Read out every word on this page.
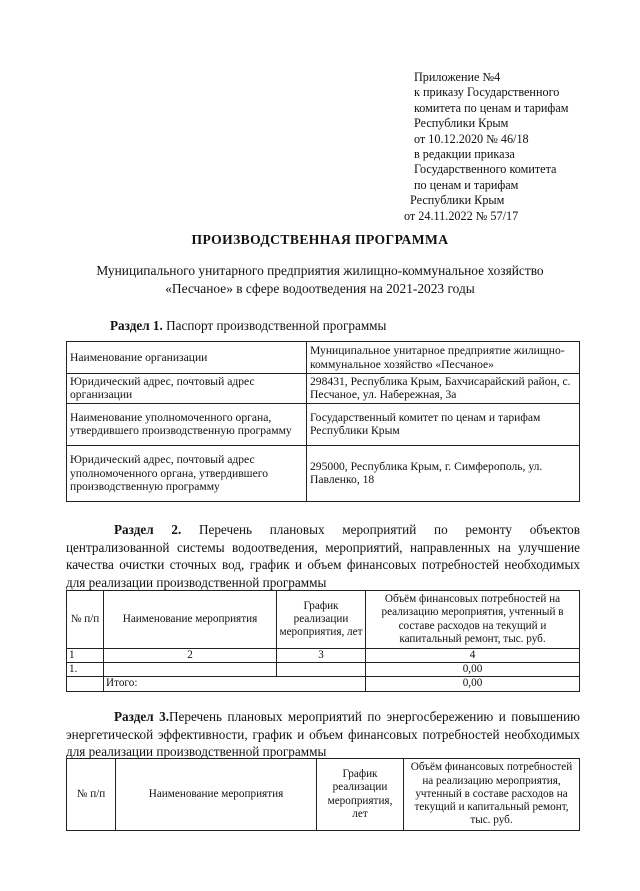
Приложение №4
к приказу Государственного
комитета по ценам и тарифам
Республики Крым
от 10.12.2020 № 46/18
в редакции приказа
Государственного комитета
по ценам и тарифам
Республики Крым
от 24.11.2022 № 57/17
ПРОИЗВОДСТВЕННАЯ ПРОГРАММА
Муниципального унитарного предприятия жилищно-коммунальное хозяйство
«Песчаное» в сфере водоотведения на 2021-2023 годы
Раздел 1. Паспорт производственной программы
Наименование организации	Муниципальное унитарное предприятие жилищно-коммунальное хозяйство «Песчаное»
Юридический адрес, почтовый адрес организации	298431, Республика Крым, Бахчисарайский район, с. Песчаное, ул. Набережная, 3а
Наименование уполномоченного органа, утвердившего производственную программу	Государственный комитет по ценам и тарифам Республики Крым
Юридический адрес, почтовый адрес уполномоченного органа, утвердившего производственную программу	295000, Республика Крым, г. Симферополь, ул. Павленко, 18
Раздел 2. Перечень плановых мероприятий по ремонту объектов централизованной системы водоотведения, мероприятий, направленных на улучшение качества очистки сточных вод, график и объем финансовых потребностей необходимых для реализации производственной программы
№ п/п	Наименование мероприятия	График реализации мероприятия, лет	Объём финансовых потребностей на реализацию мероприятия, учтенный в составе расходов на текущий и капитальный ремонт, тыс. руб.
1	2	3	4
1.			0,00
	Итого:		0,00
Раздел 3.Перечень плановых мероприятий по энергосбережению и повышению энергетической эффективности, график и объем финансовых потребностей необходимых для реализации производственной программы
№ п/п	Наименование мероприятия	График реализации мероприятия, лет	Объём финансовых потребностей на реализацию мероприятия, учтенный в составе расходов на текущий и капитальный ремонт, тыс. руб.
